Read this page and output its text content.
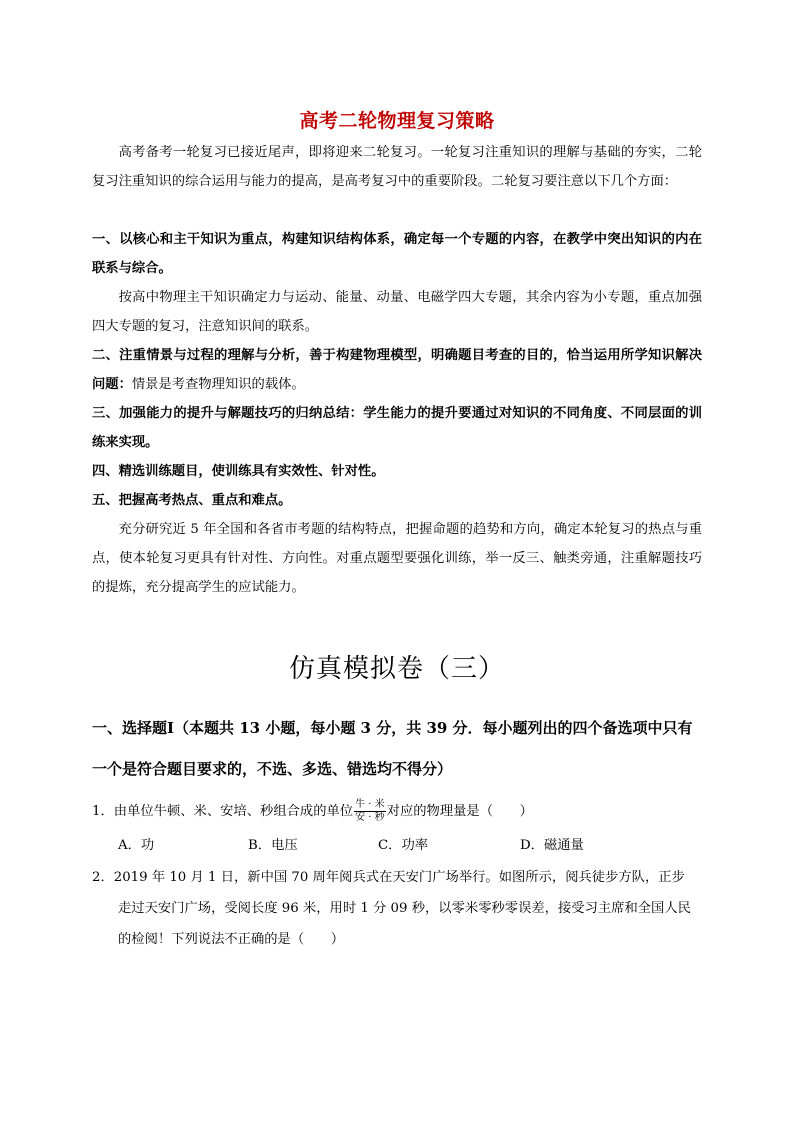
高考二轮物理复习策略
高考备考一轮复习已接近尾声，即将迎来二轮复习。一轮复习注重知识的理解与基础的夯实，二轮复习注重知识的综合运用与能力的提高，是高考复习中的重要阶段。二轮复习要注意以下几个方面：
一、以核心和主干知识为重点，构建知识结构体系，确定每一个专题的内容，在教学中突出知识的内在联系与综合。
按高中物理主干知识确定力与运动、能量、动量、电磁学四大专题，其余内容为小专题，重点加强四大专题的复习，注意知识间的联系。
二、注重情景与过程的理解与分析，善于构建物理模型，明确题目考查的目的，恰当运用所学知识解决问题：情景是考查物理知识的载体。
三、加强能力的提升与解题技巧的归纳总结：学生能力的提升要通过对知识的不同角度、不同层面的训练来实现。
四、精选训练题目，使训练具有实效性、针对性。
五、把握高考热点、重点和难点。
充分研究近 5 年全国和各省市考题的结构特点，把握命题的趋势和方向，确定本轮复习的热点与重点，使本轮复习更具有针对性、方向性。对重点题型要强化训练，举一反三、触类旁通，注重解题技巧的提炼，充分提高学生的应试能力。
仿真模拟卷（三）
一、选择题Ⅰ（本题共 13 小题，每小题 3 分，共 39 分．每小题列出的四个备选项中只有一个是符合题目要求的，不选、多选、错选均不得分）
1．由单位牛顿、米、安培、秒组合成的单位 $\frac{\text{牛 · 米}}{\text{安 · 秒}}$ 对应的物理量是（　　）
A．功	B．电压	C．功率	D．磁通量
2．2019 年 10 月 1 日，新中国 70 周年阅兵式在天安门广场举行。如图所示，阅兵徒步方队，正步
走过天安门广场，受阅长度 96 米，用时 1 分 09 秒，以零米零秒零误差，接受习主席和全国人民
的检阅！下列说法不正确的是（　　）
